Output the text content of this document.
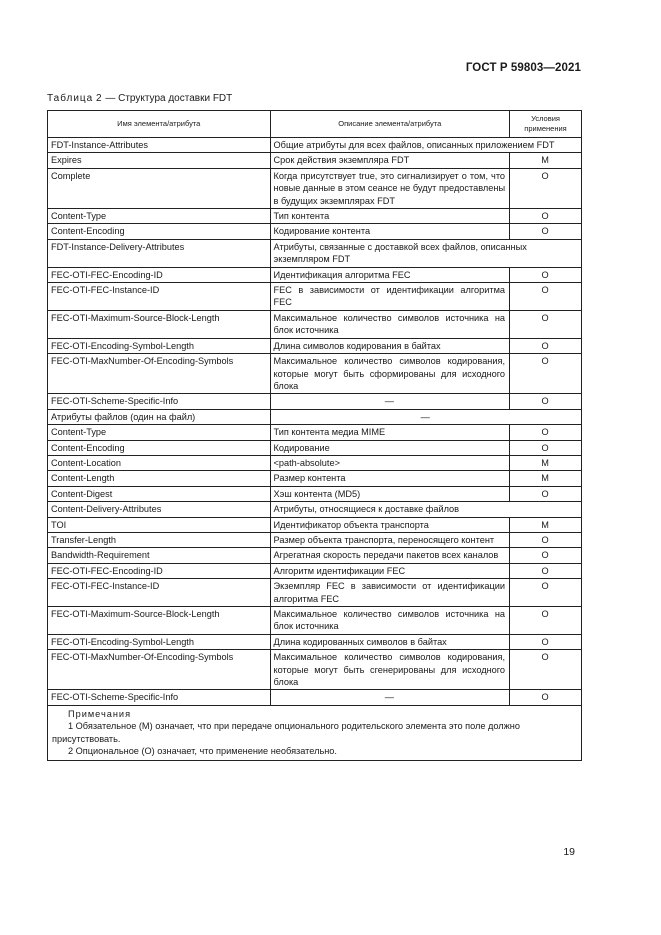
ГОСТ Р 59803—2021
Таблица 2 — Структура доставки FDT
Имя элемента/атрибута	Описание элемента/атрибута	Условия применения
FDT-Instance-Attributes	Общие атрибуты для всех файлов, описанных приложением FDT	
Expires	Срок действия экземпляра FDT	M
Complete	Когда присутствует true, это сигнализирует о том, что новые данные в этом сеансе не будут предоставлены в будущих экземплярах FDT	O
Content-Type	Тип контента	O
Content-Encoding	Кодирование контента	O
FDT-Instance-Delivery-Attributes	Атрибуты, связанные с доставкой всех файлов, описанных экземпляром FDT	
FEC-OTI-FEC-Encoding-ID	Идентификация алгоритма FEC	O
FEC-OTI-FEC-Instance-ID	FEC в зависимости от идентификации алгоритма FEC	O
FEC-OTI-Maximum-Source-Block-Length	Максимальное количество символов источника на блок источника	O
FEC-OTI-Encoding-Symbol-Length	Длина символов кодирования в байтах	O
FEC-OTI-MaxNumber-Of-Encoding-Symbols	Максимальное количество символов кодирования, которые могут быть сформированы для исходного блока	O
FEC-OTI-Scheme-Specific-Info	—	O
Атрибуты файлов (один на файл)	—	
Content-Type	Тип контента медиа MIME	O
Content-Encoding	Кодирование	O
Content-Location	<path-absolute>	M
Content-Length	Размер контента	M
Content-Digest	Хэш контента (MD5)	O
Content-Delivery-Attributes	Атрибуты, относящиеся к доставке файлов	
TOI	Идентификатор объекта транспорта	M
Transfer-Length	Размер объекта транспорта, переносящего контент	O
Bandwidth-Requirement	Агрегатная скорость передачи пакетов всех каналов	O
FEC-OTI-FEC-Encoding-ID	Алгоритм идентификации FEC	O
FEC-OTI-FEC-Instance-ID	Экземпляр FEC в зависимости от идентификации алгоритма FEC	O
FEC-OTI-Maximum-Source-Block-Length	Максимальное количество символов источника на блок источника	O
FEC-OTI-Encoding-Symbol-Length	Длина кодированных символов в байтах	O
FEC-OTI-MaxNumber-Of-Encoding-Symbols	Максимальное количество символов кодирования, которые могут быть сгенерированы для исходного блока	O
FEC-OTI-Scheme-Specific-Info	—	O

Примечания
1 Обязательное (M) означает, что при передаче опционального родительского элемента это поле должно присутствовать.
2 Опциональное (O) означает, что применение необязательно.		
19
